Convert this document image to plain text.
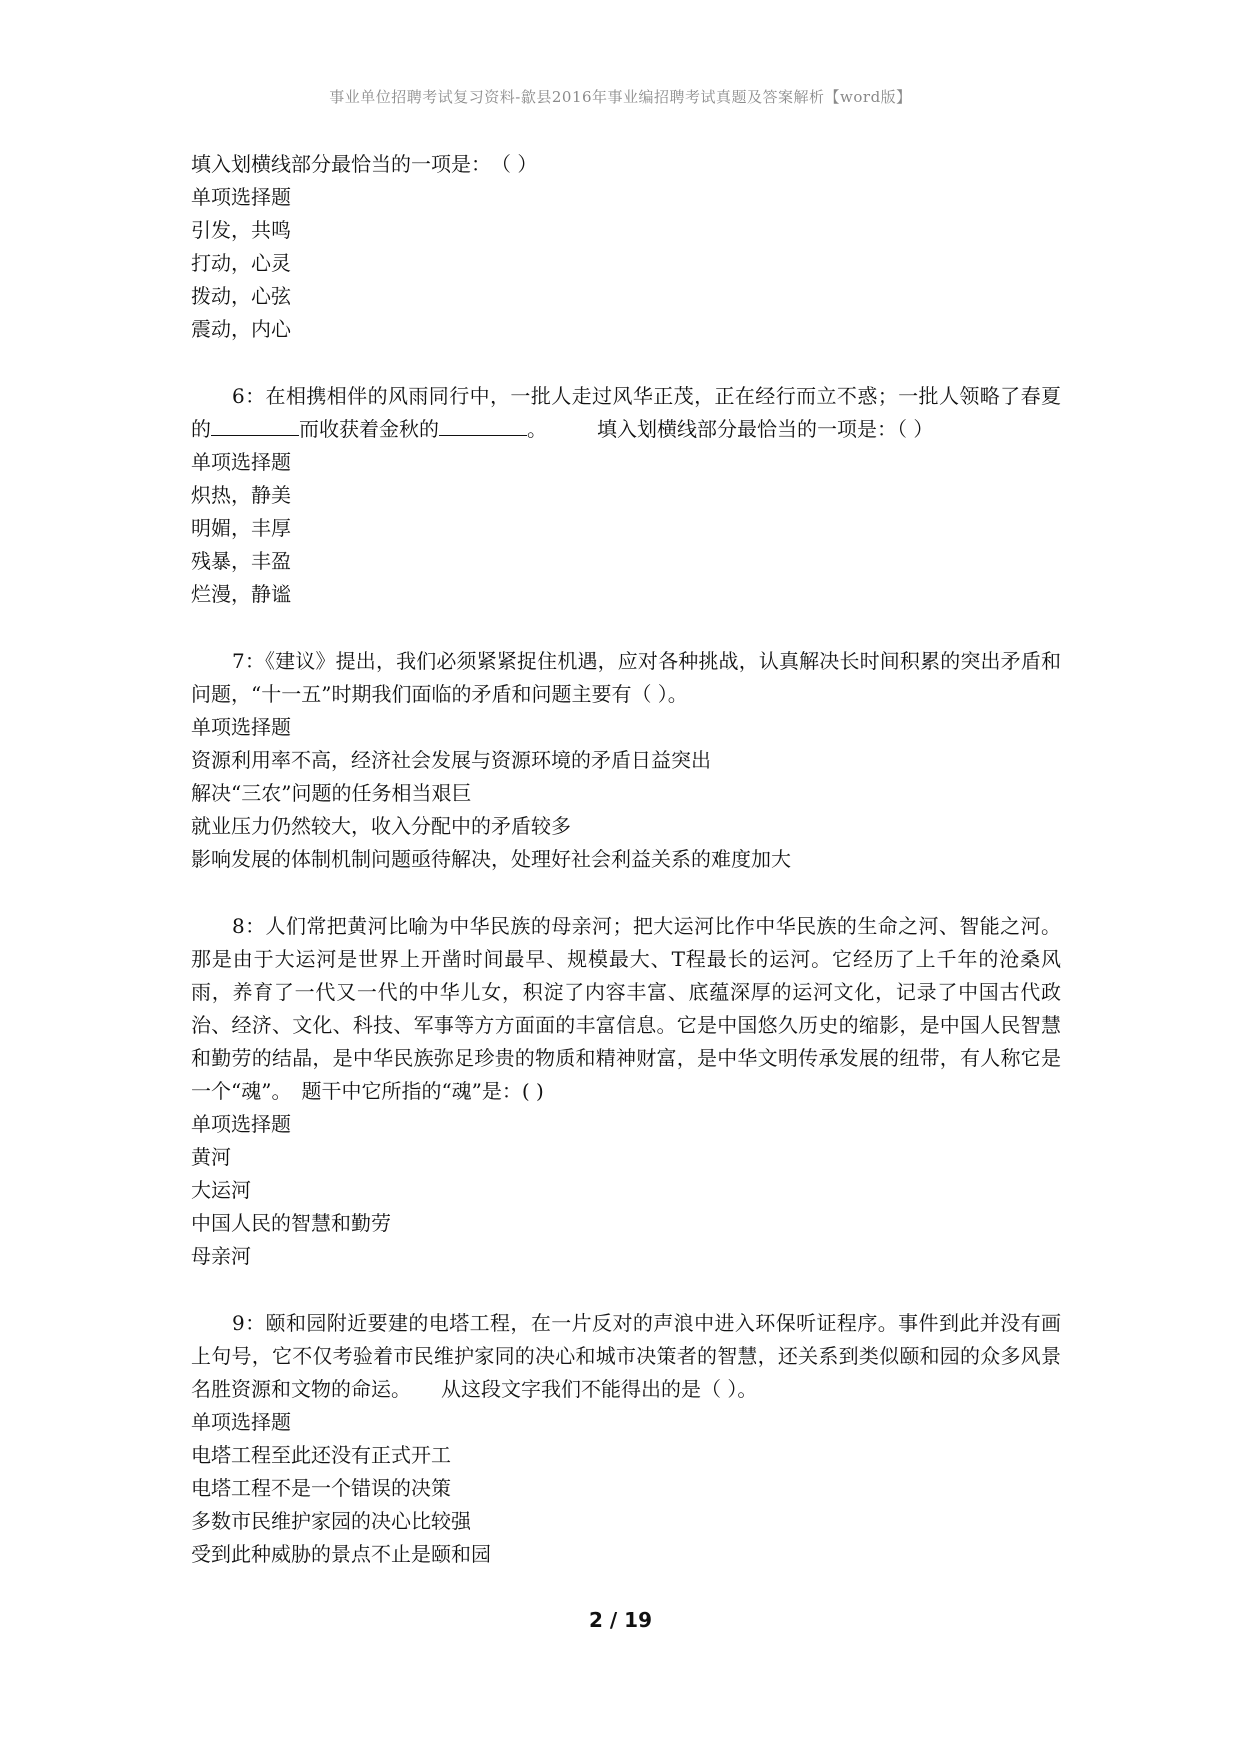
事业单位招聘考试复习资料-歙县2016年事业编招聘考试真题及答案解析【word版】
填入划横线部分最恰当的一项是：　（ ）
单项选择题
引发，共鸣
打动，心灵
拨动，心弦
震动，内心
6：在相携相伴的风雨同行中，一批人走过风华正茂，正在经行而立不惑；一批人领略了春夏的	而收获着金秋的	。　　　填入划横线部分最恰当的一项是：（ ）
单项选择题
炽热，静美
明媚，丰厚
残暴，丰盈
烂漫，静谧
7：《建议》提出，我们必须紧紧捉住机遇，应对各种挑战，认真解决长时间积累的突出矛盾和问题，“十一五”时期我们面临的矛盾和问题主要有（ ）。
单项选择题
资源利用率不高，经济社会发展与资源环境的矛盾日益突出
解决“三农”问题的任务相当艰巨
就业压力仍然较大，收入分配中的矛盾较多
影响发展的体制机制问题亟待解决，处理好社会利益关系的难度加大
8：人们常把黄河比喻为中华民族的母亲河；把大运河比作中华民族的生命之河、智能之河。那是由于大运河是世界上开凿时间最早、规模最大、T程最长的运河。它经历了上千年的沧桑风雨，养育了一代又一代的中华儿女，积淀了内容丰富、底蕴深厚的运河文化，记录了中国古代政治、经济、文化、科技、军事等方方面面的丰富信息。它是中国悠久历史的缩影，是中国人民智慧和勤劳的结晶，是中华民族弥足珍贵的物质和精神财富，是中华文明传承发展的纽带，有人称它是一个“魂”。　题干中它所指的“魂”是：( )
单项选择题
黄河
大运河
中国人民的智慧和勤劳
母亲河
9：颐和园附近要建的电塔工程，在一片反对的声浪中进入环保听证程序。事件到此并没有画上句号，它不仅考验着市民维护家同的决心和城市决策者的智慧，还关系到类似颐和园的众多风景名胜资源和文物的命运。　　从这段文字我们不能得出的是（ ）。
单项选择题
电塔工程至此还没有正式开工
电塔工程不是一个错误的决策
多数市民维护家园的决心比较强
受到此种威胁的景点不止是颐和园
2 / 19
